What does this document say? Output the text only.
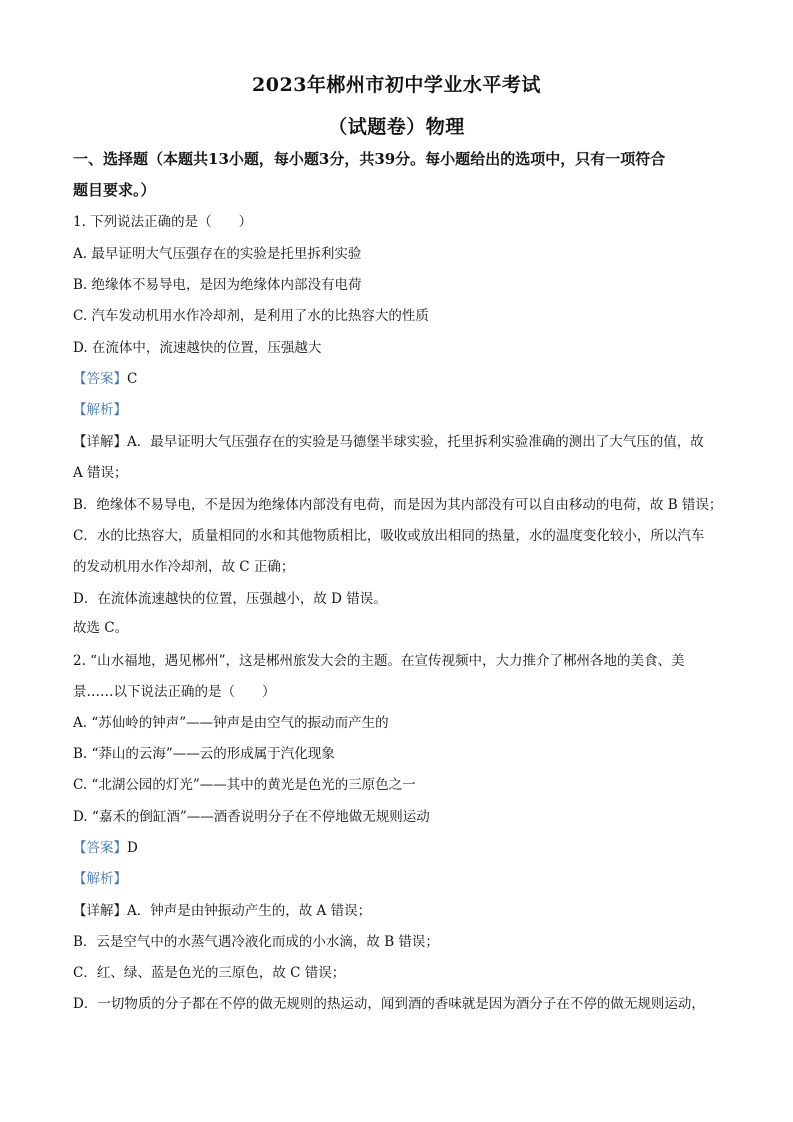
2023年郴州市初中学业水平考试
（试题卷）物理
一、选择题（本题共13小题，每小题3分，共39分。每小题给出的选项中，只有一项符合
题目要求。）
1. 下列说法正确的是（　　）
A. 最早证明大气压强存在的实验是托里拆利实验
B. 绝缘体不易导电，是因为绝缘体内部没有电荷
C. 汽车发动机用水作冷却剂，是利用了水的比热容大的性质
D. 在流体中，流速越快的位置，压强越大
【答案】C
【解析】
【详解】A．最早证明大气压强存在的实验是马德堡半球实验，托里拆利实验准确的测出了大气压的值，故
A 错误；
B．绝缘体不易导电，不是因为绝缘体内部没有电荷，而是因为其内部没有可以自由移动的电荷，故 B 错误；
C．水的比热容大，质量相同的水和其他物质相比，吸收或放出相同的热量，水的温度变化较小，所以汽车
的发动机用水作冷却剂，故 C 正确；
D．在流体流速越快的位置，压强越小，故 D 错误。
故选 C。
2. “山水福地，遇见郴州”，这是郴州旅发大会的主题。在宣传视频中，大力推介了郴州各地的美食、美
景……以下说法正确的是（　　）
A. “苏仙岭的钟声”——钟声是由空气的振动而产生的
B. “莽山的云海”——云的形成属于汽化现象
C. “北湖公园的灯光”——其中的黄光是色光的三原色之一
D. “嘉禾的倒缸酒”——酒香说明分子在不停地做无规则运动
【答案】D
【解析】
【详解】A．钟声是由钟振动产生的，故 A 错误；
B．云是空气中的水蒸气遇冷液化而成的小水滴，故 B 错误；
C．红、绿、蓝是色光的三原色，故 C 错误；
D．一切物质的分子都在不停的做无规则的热运动，闻到酒的香味就是因为酒分子在不停的做无规则运动，
